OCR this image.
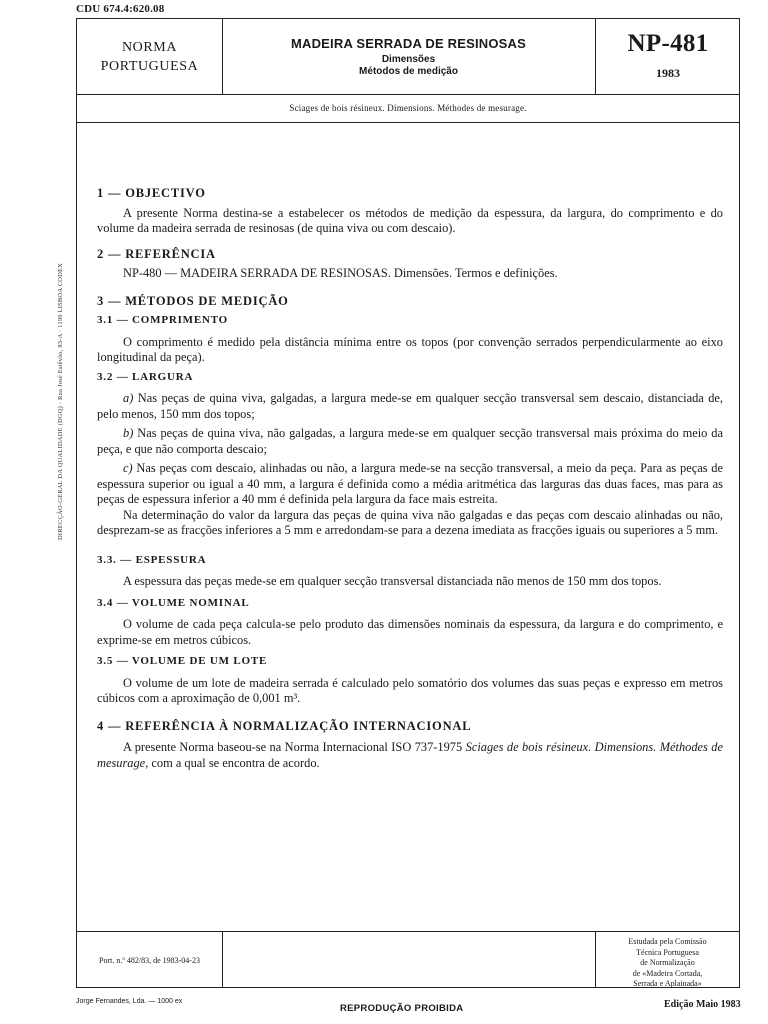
CDU 674.4:620.08
DIRECÇÃO-GERAL DA QUALIDADE (DGQ) · Rua José Estêvão, 83-A · 1199 LISBOA CODEX
NORMA
PORTUGUESA
MADEIRA SERRADA DE RESINOSAS
Dimensões
Métodos de medição
NP-481
1983
Sciages de bois résineux. Dimensions. Méthodes de mesurage.
1 — OBJECTIVO

A presente Norma destina-se a estabelecer os métodos de medição da espessura, da largura, do comprimento e do volume da madeira serrada de resinosas (de quina viva ou com descaio).

2 — REFERÊNCIA

NP-480 — MADEIRA SERRADA DE RESINOSAS. Dimensões. Termos e definições.

3 — MÉTODOS DE MEDIÇÃO
3.1 — COMPRIMENTO

O comprimento é medido pela distância mínima entre os topos (por convenção serrados perpendicularmente ao eixo longitudinal da peça).

3.2 — LARGURA

a) Nas peças de quina viva, galgadas, a largura mede-se em qualquer secção transversal sem descaio, distanciada de, pelo menos, 150 mm dos topos;

b) Nas peças de quina viva, não galgadas, a largura mede-se em qualquer secção transversal mais próxima do meio da peça, e que não comporta descaio;

c) Nas peças com descaio, alinhadas ou não, a largura mede-se na secção transversal, a meio da peça. Para as peças de espessura superior ou igual a 40 mm, a largura é definida como a média aritmética das larguras das duas faces, mas para as peças de espessura inferior a 40 mm é definida pela largura da face mais estreita.

Na determinação do valor da largura das peças de quina viva não galgadas e das peças com descaio alinhadas ou não, desprezam-se as fracções inferiores a 5 mm e arredondam-se para a dezena imediata as fracções iguais ou superiores a 5 mm.

3.3. — ESPESSURA

A espessura das peças mede-se em qualquer secção transversal distanciada não menos de 150 mm dos topos.

3.4 — VOLUME NOMINAL

O volume de cada peça calcula-se pelo produto das dimensões nominais da espessura, da largura e do comprimento, e exprime-se em metros cúbicos.

3.5 — VOLUME DE UM LOTE

O volume de um lote de madeira serrada é calculado pelo somatório dos volumes das suas peças e expresso em metros cúbicos com a aproximação de 0,001 m³.

4 — REFERÊNCIA À NORMALIZAÇÃO INTERNACIONAL

A presente Norma baseou-se na Norma Internacional ISO 737-1975 Sciages de bois résineux. Dimensions. Méthodes de mesurage, com a qual se encontra de acordo.

Port. n.º 482/83, de 1983-04-23
Estudada pela Comissão
Técnica Portuguesa
de Normalização
de «Madeira Cortada,
Serrada e Aplainada»
Jorge Fernandes, Lda. — 1000 ex
REPRODUÇÃO PROIBIDA	Edição Maio 1983
